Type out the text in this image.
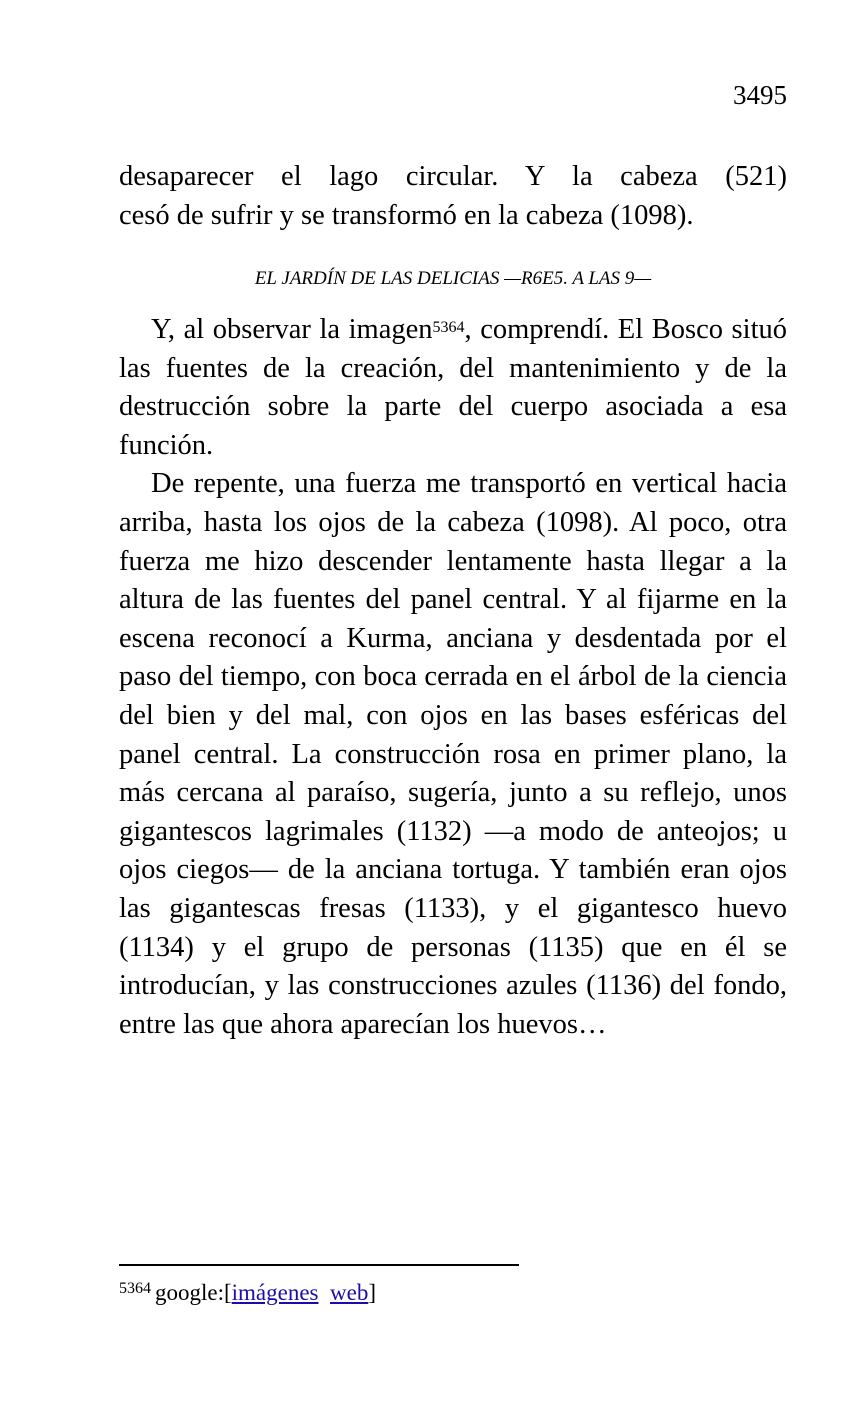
3495
desaparecer el lago circular. Y la cabeza (521)
cesó de sufrir y se transformó en la cabeza (1098).
EL JARDÍN DE LAS DELICIAS —R6E5. A LAS 9—

Y, al observar la imagen$^{5364}$, comprendí. El Bosco situó las fuentes de la creación, del mantenimiento y de la destrucción sobre la parte del cuerpo asociada a esa función.

De repente, una fuerza me transportó en vertical hacia arriba, hasta los ojos de la cabeza (1098). Al poco, otra fuerza me hizo descender lentamente hasta llegar a la altura de las fuentes del panel central. Y al fijarme en la escena reconocí a Kurma, anciana y desdentada por el paso del tiempo, con boca cerrada en el árbol de la ciencia del bien y del mal, con ojos en las bases esféricas del panel central. La construcción rosa en primer plano, la más cercana al paraíso, sugería, junto a su reflejo, unos gigantescos lagrimales (1132) —a modo de anteojos; u ojos ciegos— de la anciana tortuga. Y también eran ojos las gigantescas fresas (1133), y el gigantesco huevo (1134) y el grupo de personas (1135) que en él se introducían, y las construcciones azules (1136) del fondo, entre las que ahora aparecían los huevos…

$^{5364}$ google:[imágenes web]
